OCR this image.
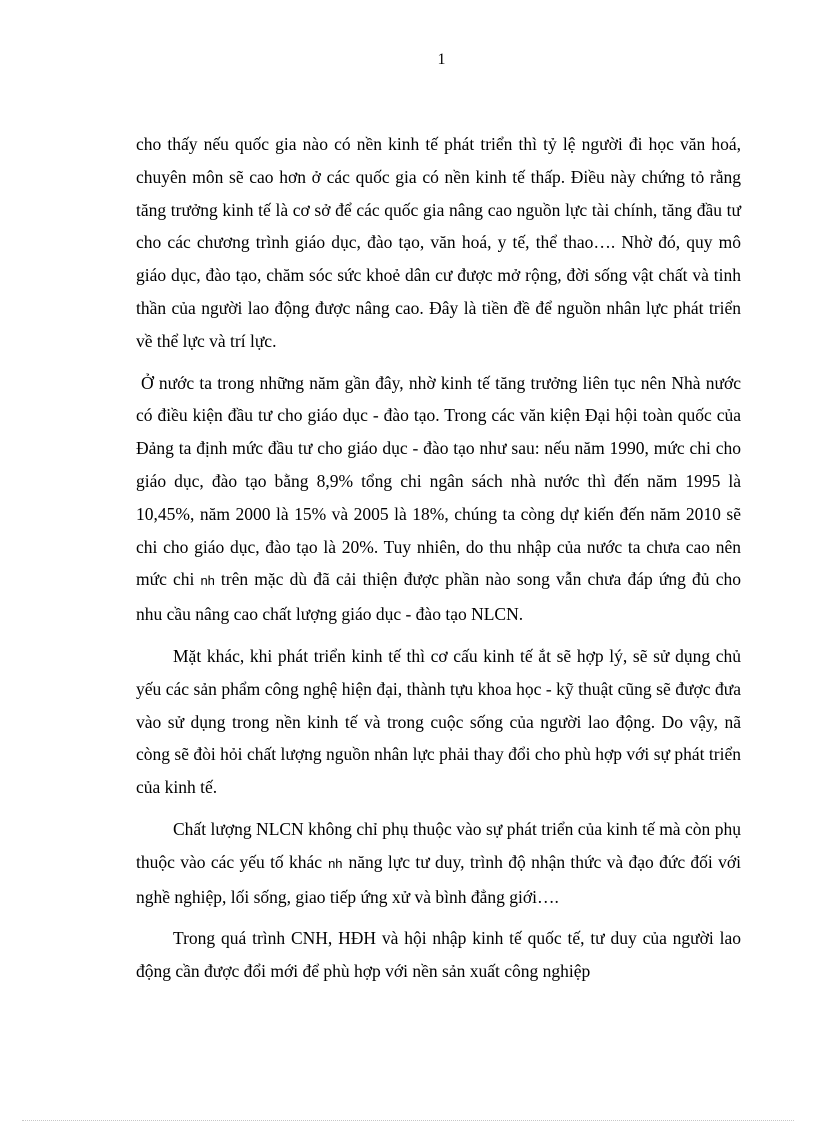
1

cho thấy nếu quốc gia nào có nền kinh tế phát triển thì tỷ lệ người đi học văn hoá, chuyên môn sẽ cao hơn ở các quốc gia có nền kinh tế thấp. Điều này chứng tỏ rằng tăng trưởng kinh tế là cơ sở để các quốc gia nâng cao nguồn lực tài chính, tăng đầu tư cho các chương trình giáo dục, đào tạo, văn hoá, y tế, thể thao…. Nhờ đó, quy mô giáo dục, đào tạo, chăm sóc sức khoẻ dân cư được mở rộng, đời sống vật chất và tinh thần của người lao động được nâng cao. Đây là tiền đề để nguồn nhân lực phát triển về thể lực và trí lực.

Ở nước ta trong những năm gần đây, nhờ kinh tế tăng trưởng liên tục nên Nhà nước có điều kiện đầu tư cho giáo dục - đào tạo. Trong các văn kiện Đại hội toàn quốc của Đảng ta định mức đầu tư cho giáo dục - đào tạo như sau: nếu năm 1990, mức chi cho giáo dục, đào tạo bằng 8,9% tổng chi ngân sách nhà nước thì đến năm 1995 là 10,45%, năm 2000 là 15% và 2005 là 18%, chúng ta còng dự kiến đến năm 2010 sẽ chi cho giáo dục, đào tạo là 20%. Tuy nhiên, do thu nhập của nước ta chưa cao nên mức chi nh trên mặc dù đã cải thiện được phần nào song vẫn chưa đáp ứng đủ cho nhu cầu nâng cao chất lượng giáo dục - đào tạo NLCN.

Mặt khác, khi phát triển kinh tế thì cơ cấu kinh tế ắt sẽ hợp lý, sẽ sử dụng chủ yếu các sản phẩm công nghệ hiện đại, thành tựu khoa học - kỹ thuật cũng sẽ được đưa vào sử dụng trong nền kinh tế và trong cuộc sống của người lao động. Do vậy, nã còng sẽ đòi hỏi chất lượng nguồn nhân lực phải thay đổi cho phù hợp với sự phát triển của kinh tế.

Chất lượng NLCN không chỉ phụ thuộc vào sự phát triển của kinh tế mà còn phụ thuộc vào các yếu tố khác nh năng lực tư duy, trình độ nhận thức và đạo đức đối với nghề nghiệp, lối sống, giao tiếp ứng xử và bình đẳng giới….

Trong quá trình CNH, HĐH và hội nhập kinh tế quốc tế, tư duy của người lao động cần được đổi mới để phù hợp với nền sản xuất công nghiệp
